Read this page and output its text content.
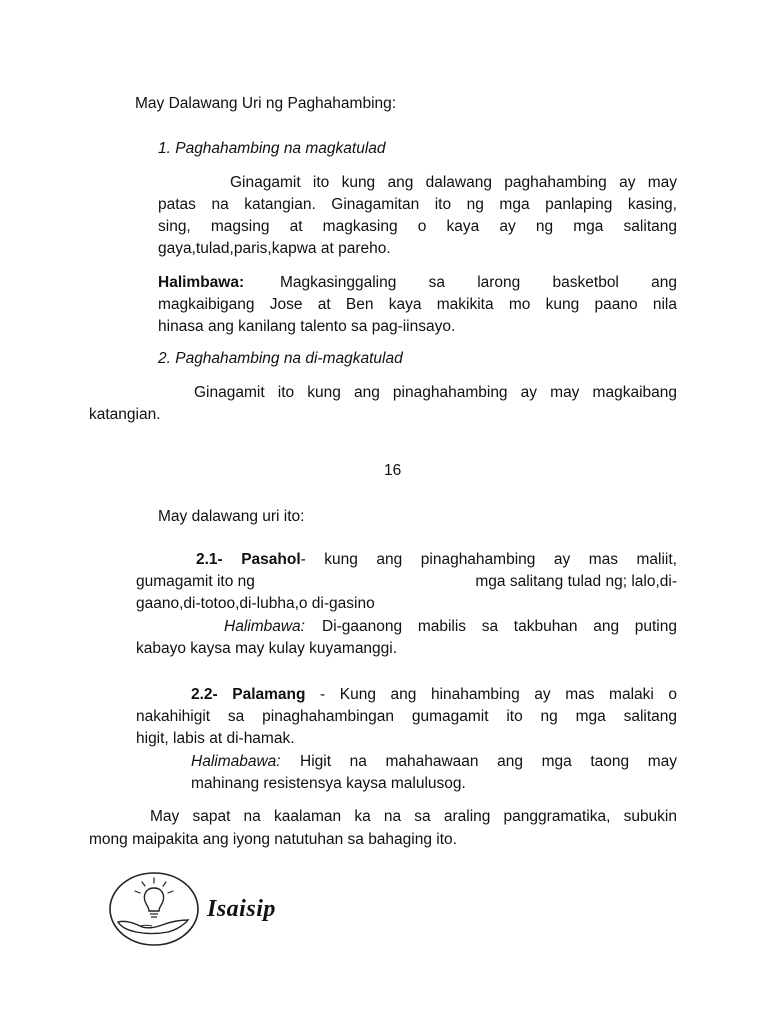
May Dalawang Uri ng Paghahambing:
1. Paghahambing na magkatulad
Ginagamit ito kung ang dalawang paghahambing ay may
patas na katangian. Ginagamitan ito ng mga panlaping kasing,
sing, magsing at magkasing o kaya ay ng mga salitang
gaya,tulad,paris,kapwa at pareho.
Halimbawa: Magkasinggaling sa larong basketbol ang
magkaibigang Jose at Ben kaya makikita mo kung paano nila
hinasa ang kanilang talento sa pag-iinsayo.
2. Paghahambing na di-magkatulad
Ginagamit ito kung ang pinaghahambing ay may magkaibang
katangian.
16
May dalawang uri ito:
2.1- Pasahol- kung ang pinaghahambing ay mas maliit,
gumagamit ito ng	mga salitang tulad ng; lalo,di-
gaano,di-totoo,di-lubha,o di-gasino
Halimbawa: Di-gaanong mabilis sa takbuhan ang puting
kabayo kaysa may kulay kuyamanggi.
2.2- Palamang - Kung ang hinahambing ay mas malaki o
nakahihigit sa pinaghahambingan gumagamit ito ng mga salitang
higit, labis at di-hamak.
Halimabawa: Higit na mahahawaan ang mga taong may
mahinang resistensya kaysa malulusog.
May sapat na kaalaman ka na sa araling panggramatika, subukin
mong maipakita ang iyong natutuhan sa bahaging ito.
Isaisip
